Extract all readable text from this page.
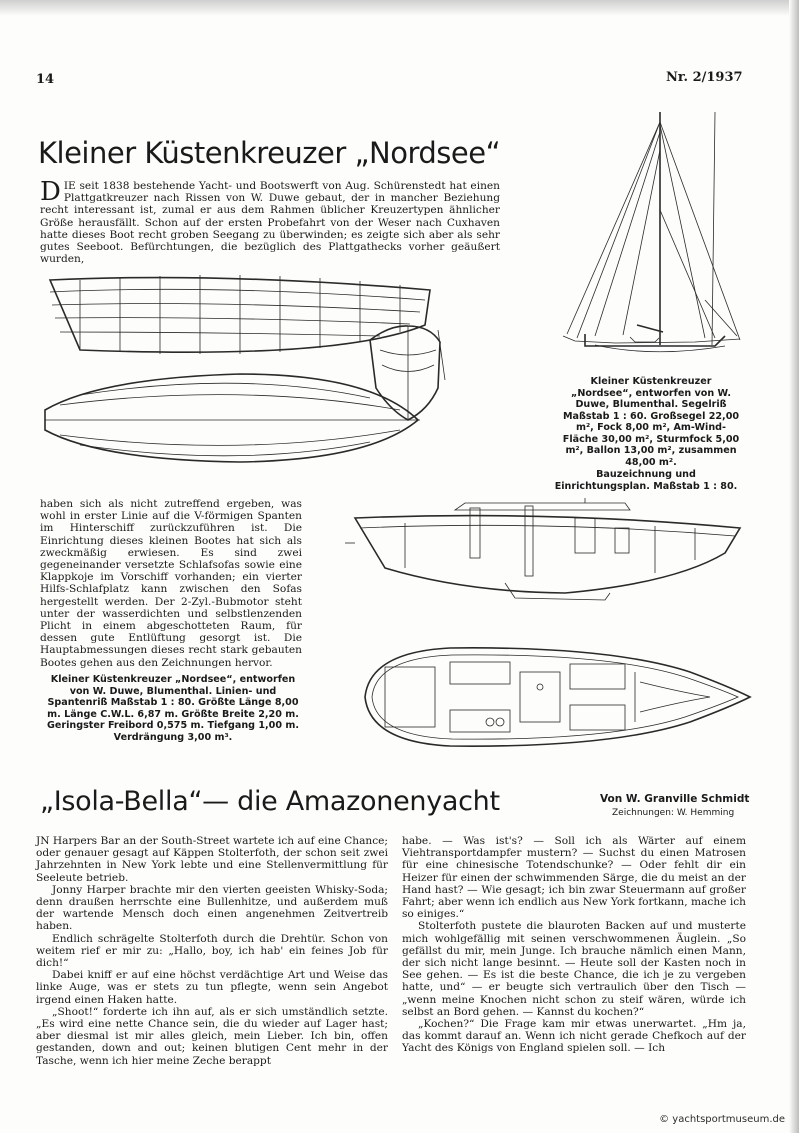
14	Nr. 2/1937
Kleiner Küstenkreuzer „Nordsee“
DIE seit 1838 bestehende Yacht- und Bootswerft von Aug. Schürenstedt hat einen Plattgatkreuzer nach Rissen von W. Duwe gebaut, der in mancher Beziehung recht interessant ist, zumal er aus dem Rahmen üblicher Kreuzertypen ähnlicher Größe herausfällt. Schon auf der ersten Probefahrt von der Weser nach Cuxhaven hatte dieses Boot recht groben Seegang zu überwinden; es zeigte sich aber als sehr gutes Seeboot. Befürchtungen, die bezüglich des Plattgathecks vorher geäußert wurden,
Kleiner Küstenkreuzer „Nordsee“, entworfen von W. Duwe, Blumenthal. Segelriß Maßstab 1 : 60. Großsegel 22,00 m², Fock 8,00 m², Am-Wind-Fläche 30,00 m², Sturmfock 5,00 m², Ballon 13,00 m², zusammen 48,00 m².

haben sich als nicht zutreffend ergeben, was wohl in erster Linie auf die V-förmigen Spanten im Hinterschiff zurückzuführen ist. Die Einrichtung dieses kleinen Bootes hat sich als zweckmäßig erwiesen. Es sind zwei gegeneinander versetzte Schlafsofas sowie eine Klappkoje im Vorschiff vorhanden; ein vierter Hilfs-Schlafplatz kann zwischen den Sofas hergestellt werden. Der 2-Zyl.-Bubmotor steht unter der wasserdichten und selbstlenzenden Plicht in einem abgeschotteten Raum, für dessen gute Entlüftung gesorgt ist. Die Hauptabmessungen dieses recht stark gebauten Bootes gehen aus den Zeichnungen hervor.

Bauzeichnung und Einrichtungsplan. Maßstab 1 : 80.
Kleiner Küstenkreuzer „Nordsee“, entworfen von W. Duwe, Blumenthal. Linien- und Spantenriß Maßstab 1 : 80. Größte Länge 8,00 m. Länge C.W.L. 6,87 m. Größte Breite 2,20 m. Geringster Freibord 0,575 m. Tiefgang 1,00 m. Verdrängung 3,00 m³.
„Isola-Bella“— die Amazonenyacht	Von W. Granville Schmidt
Zeichnungen: W. Hemming

JN Harpers Bar an der South-Street wartete ich auf eine Chance; oder genauer gesagt auf Käppen Stolterfoth, der schon seit zwei Jahrzehnten in New York lebte und eine Stellenvermittlung für Seeleute betrieb.

Jonny Harper brachte mir den vierten geeisten Whisky-Soda; denn draußen herrschte eine Bullenhitze, und außerdem muß der wartende Mensch doch einen angenehmen Zeitvertreib haben.

Endlich schrägelte Stolterfoth durch die Drehtür. Schon von weitem rief er mir zu: „Hallo, boy, ich hab' ein feines Job für dich!“

Dabei kniff er auf eine höchst verdächtige Art und Weise das linke Auge, was er stets zu tun pflegte, wenn sein Angebot irgend einen Haken hatte.

„Shoot!“ forderte ich ihn auf, als er sich umständlich setzte. „Es wird eine nette Chance sein, die du wieder auf Lager hast; aber diesmal ist mir alles gleich, mein Lieber. Ich bin, offen gestanden, down and out; keinen blutigen Cent mehr in der Tasche, wenn ich hier meine Zeche berappt

habe. — Was ist's? — Soll ich als Wärter auf einem Viehtransportdampfer mustern? — Suchst du einen Matrosen für eine chinesische Totendschunke? — Oder fehlt dir ein Heizer für einen der schwimmenden Särge, die du meist an der Hand hast? — Wie gesagt; ich bin zwar Steuermann auf großer Fahrt; aber wenn ich endlich aus New York fortkann, mache ich so einiges.“

Stolterfoth pustete die blauroten Backen auf und musterte mich wohlgefällig mit seinen verschwommenen Äuglein. „So gefällst du mir, mein Junge. Ich brauche nämlich einen Mann, der sich nicht lange besinnt. — Heute soll der Kasten noch in See gehen. — Es ist die beste Chance, die ich je zu vergeben hatte, und“ — er beugte sich vertraulich über den Tisch — „wenn meine Knochen nicht schon zu steif wären, würde ich selbst an Bord gehen. — Kannst du kochen?“

„Kochen?“ Die Frage kam mir etwas unerwartet. „Hm ja, das kommt darauf an. Wenn ich nicht gerade Chefkoch auf der Yacht des Königs von England spielen soll. — Ich

© yachtsportmuseum.de
